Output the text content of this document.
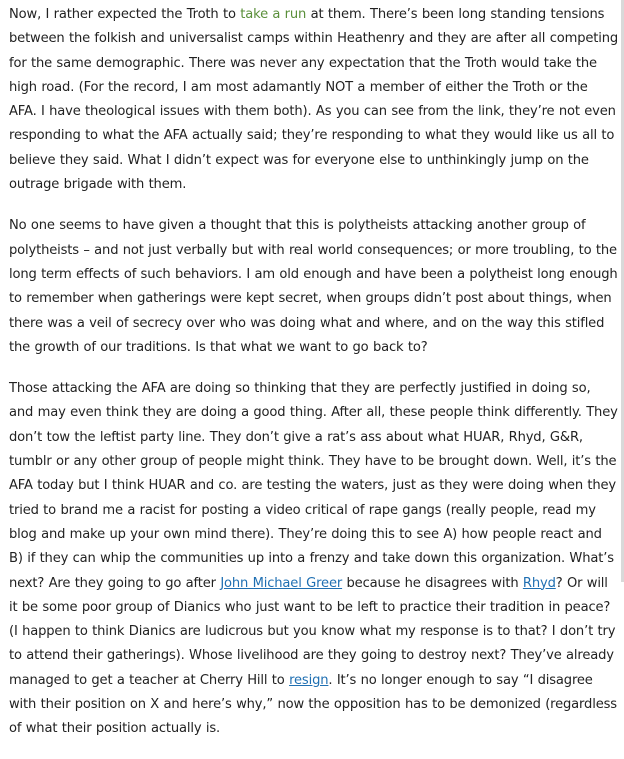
Now, I rather expected the Troth to take a run at them. There’s been long standing tensions between the folkish and universalist camps within Heathenry and they are after all competing for the same demographic. There was never any expectation that the Troth would take the high road. (For the record, I am most adamantly NOT a member of either the Troth or the AFA. I have theological issues with them both). As you can see from the link, they’re not even responding to what the AFA actually said; they’re responding to what they would like us all to believe they said. What I didn’t expect was for everyone else to unthinkingly jump on the outrage brigade with them.

No one seems to have given a thought that this is polytheists attacking another group of polytheists – and not just verbally but with real world consequences; or more troubling, to the long term effects of such behaviors. I am old enough and have been a polytheist long enough to remember when gatherings were kept secret, when groups didn’t post about things, when there was a veil of secrecy over who was doing what and where, and on the way this stifled the growth of our traditions. Is that what we want to go back to?

Those attacking the AFA are doing so thinking that they are perfectly justified in doing so, and may even think they are doing a good thing. After all, these people think differently. They don’t tow the leftist party line. They don’t give a rat’s ass about what HUAR, Rhyd, G&R, tumblr or any other group of people might think. They have to be brought down. Well, it’s the AFA today but I think HUAR and co. are testing the waters, just as they were doing when they tried to brand me a racist for posting a video critical of rape gangs (really people, read my blog and make up your own mind there). They’re doing this to see A) how people react and B) if they can whip the communities up into a frenzy and take down this organization. What’s next? Are they going to go after John Michael Greer because he disagrees with Rhyd? Or will it be some poor group of Dianics who just want to be left to practice their tradition in peace? (I happen to think Dianics are ludicrous but you know what my response is to that? I don’t try to attend their gatherings). Whose livelihood are they going to destroy next? They’ve already managed to get a teacher at Cherry Hill to resign. It’s no longer enough to say “I disagree with their position on X and here’s why,” now the opposition has to be demonized (regardless of what their position actually is.
